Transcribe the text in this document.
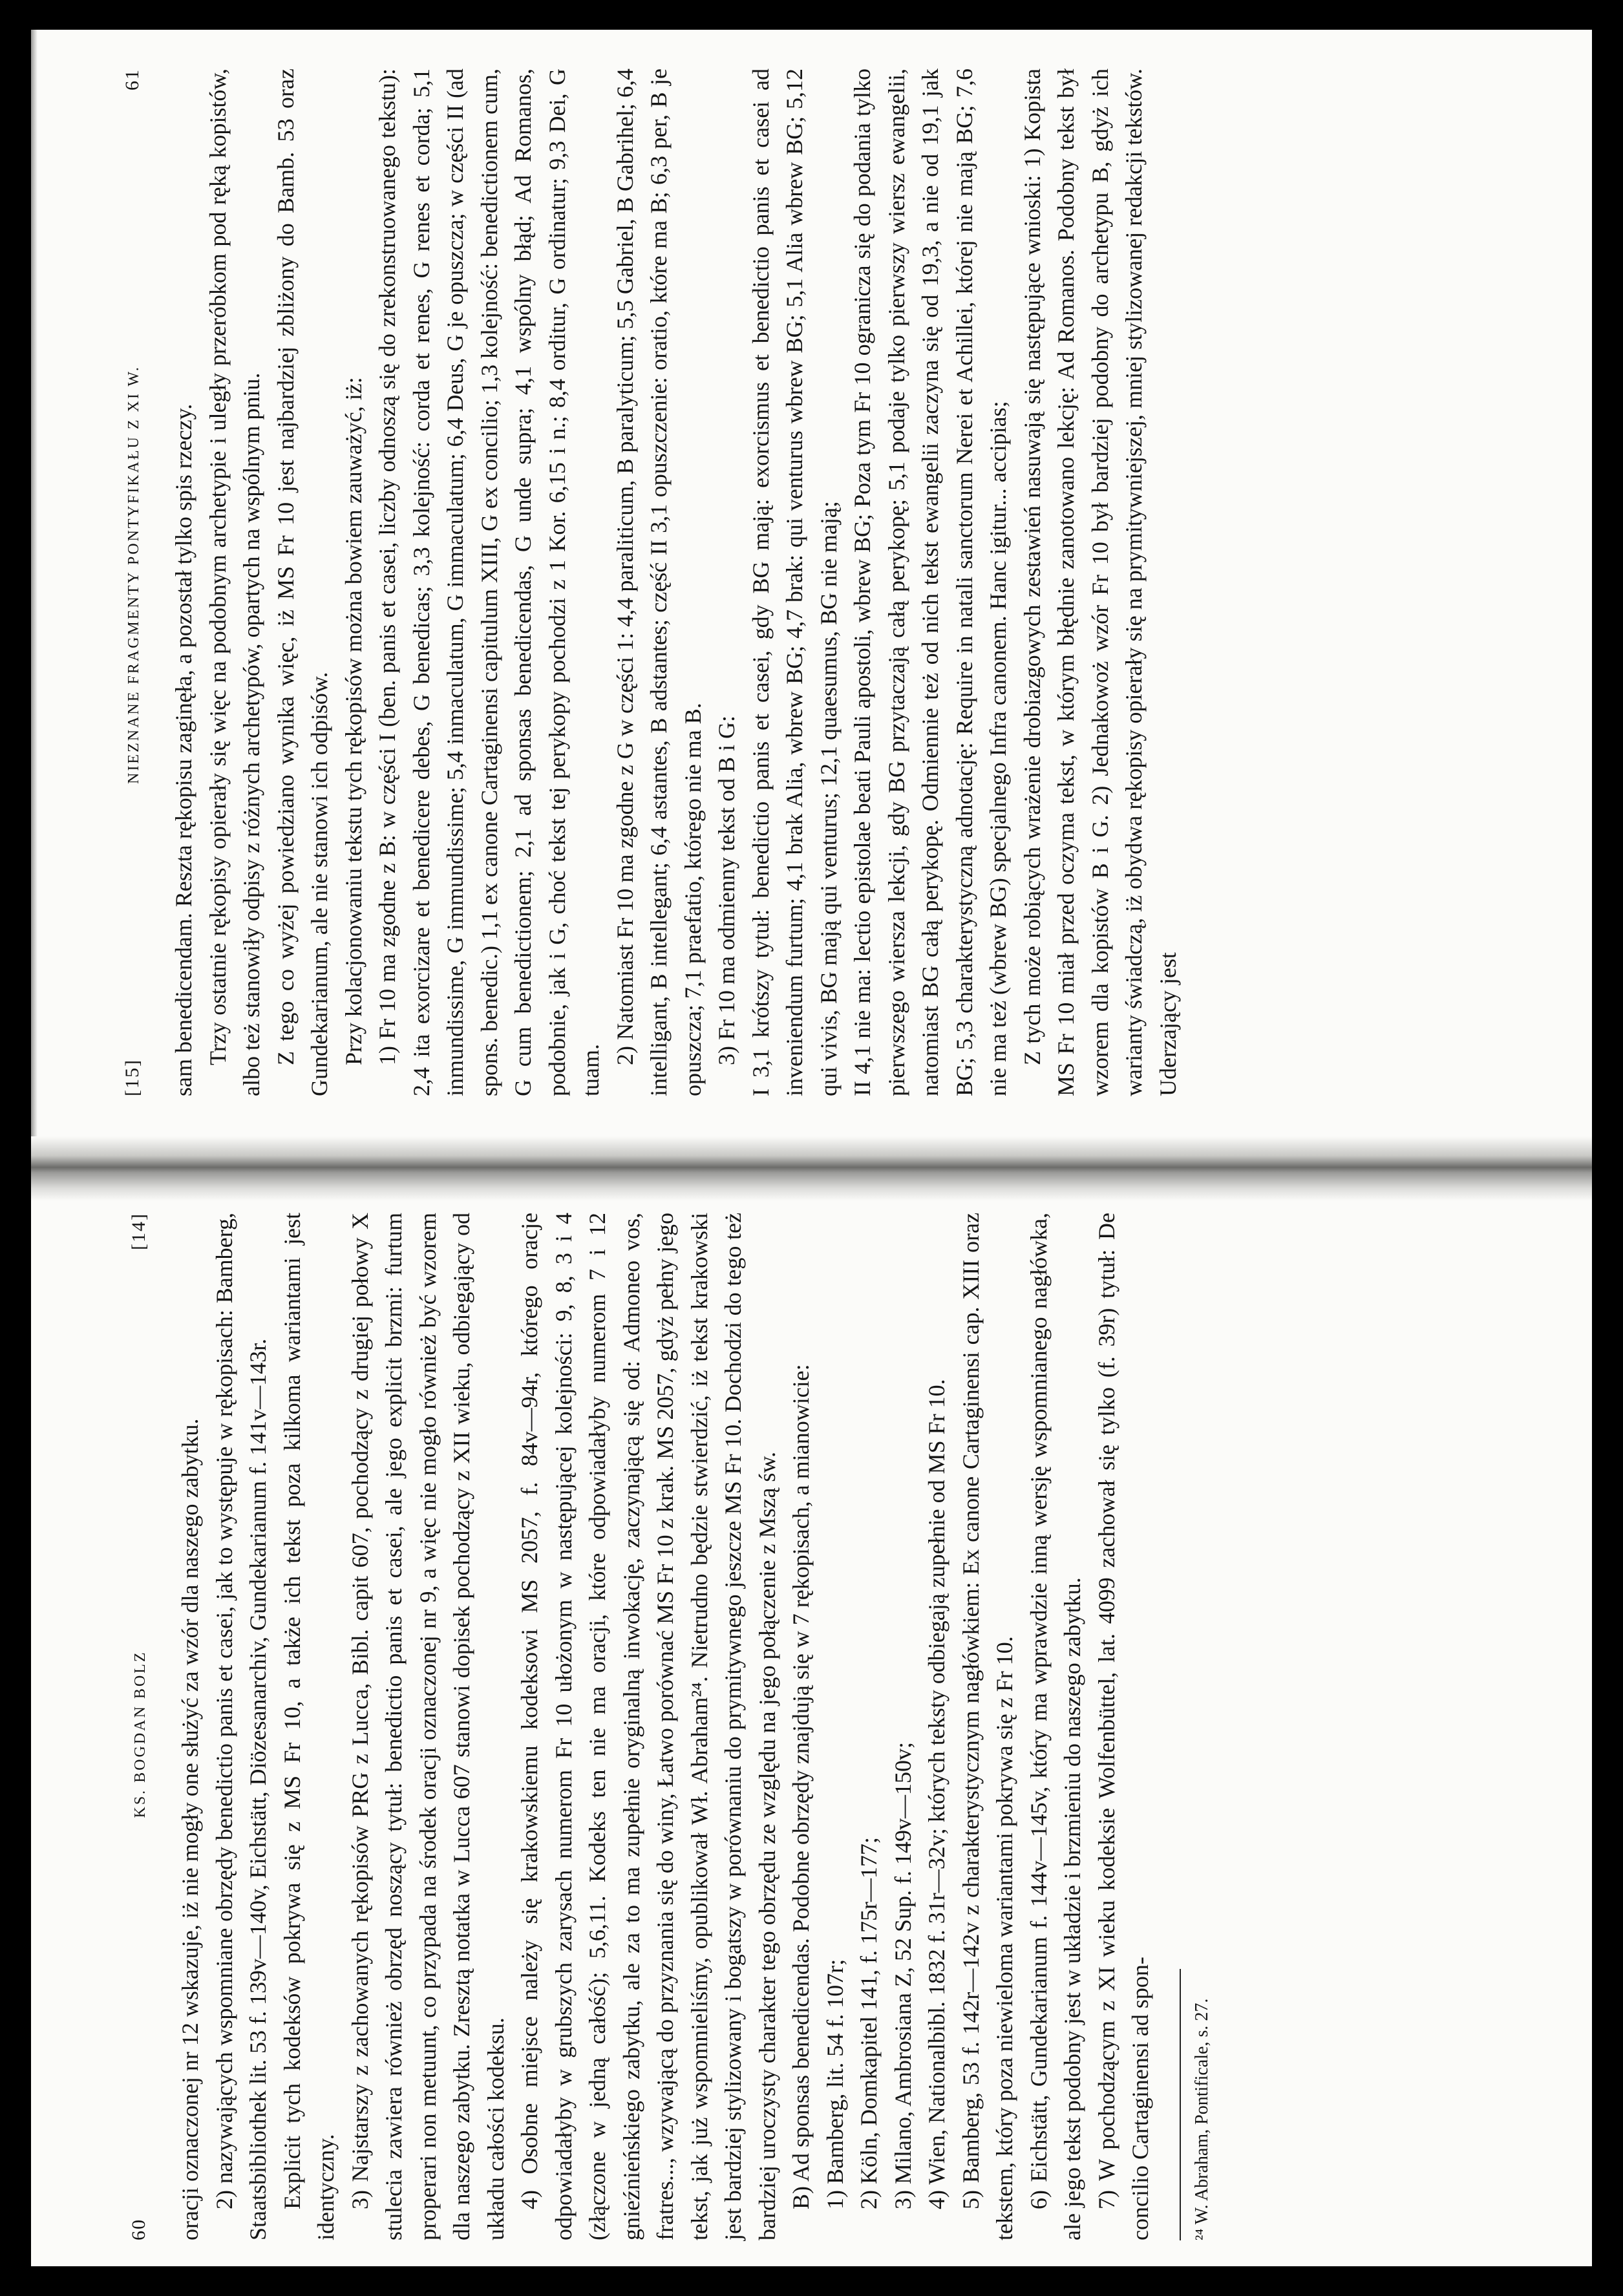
60
KS. BOGDAN BOLZ
[14]

oracji oznaczonej nr 12 wskazuje, iż nie mogły one służyć za wzór dla naszego zabytku. 2) nazywających wspomniane obrzędy benedictio panis et casei, jak to występuje w rękopisach: Bamberg, Staatsbibliothek lit. 53 f. 139v—140v, Eichstätt, Diözesanarchiv, Gundekarianum f. 141v—143r. Explicit tych kodeksów pokrywa się z MS Fr 10, a także ich tekst poza kilkoma wariantami jest identyczny. 3) Najstarszy z zachowanych rękopisów PRG z Lucca, Bibl. capit 607, pochodzący z drugiej połowy X stulecia zawiera również obrzęd noszący tytuł: benedictio panis et casei, ale jego explicit brzmi: furtum properari non metuunt, co przypada na środek oracji oznaczonej nr 9, a więc nie mogło również być wzorem dla naszego zabytku. Zresztą notatka w Lucca 607 stanowi dopisek pochodzący z XII wieku, odbiegający od układu całości kodeksu. 4) Osobne miejsce należy się krakowskiemu kodeksowi MS 2057, f. 84v—94r, którego oracje odpowiadałyby w grubszych zarysach numerom Fr 10 ułożonym w następującej kolejności: 9, 8, 3 i 4 (złączone w jedną całość); 5,6,11. Kodeks ten nie ma oracji, które odpowiadałyby numerom 7 i 12 gnieźnieńskiego zabytku, ale za to ma zupełnie oryginalną inwokację, zaczynającą się od: Admoneo vos, fratres..., wzywającą do przyznania się do winy, Łatwo porównać MS Fr 10 z krak. MS 2057, gdyż pełny jego tekst, jak już wspomnieliśmy, opublikował Wł. Abraham²⁴. Nietrudno będzie stwierdzić, iż tekst krakowski jest bardziej stylizowany i bogatszy w porównaniu do prymitywnego jeszcze MS Fr 10. Dochodzi do tego też bardziej uroczysty charakter tego obrzędu ze względu na jego połączenie z Mszą św. B) Ad sponsas benedicendas. Podobne obrzędy znajdują się w 7 rękopisach, a mianowicie: 1) Bamberg, lit. 54 f. 107r; 2) Köln, Domkapitel 141, f. 175r—177; 3) Milano, Ambrosiana Z, 52 Sup. f. 149v—150v; 4) Wien, Nationalbibl. 1832 f. 31r—32v; których teksty odbiegają zupełnie od MS Fr 10. 5) Bamberg, 53 f. 142r—142v z charakterystycznym nagłówkiem: Ex canone Cartaginensi cap. XIII oraz tekstem, który poza niewieloma wariantami pokrywa się z Fr 10. 6) Eichstätt, Gundekarianum f. 144v—145v, który ma wprawdzie inną wersję wspomnianego nagłówka, ale jego tekst podobny jest w układzie i brzmieniu do naszego zabytku. 7) W pochodzącym z XI wieku kodeksie Wolfenbüttel, lat. 4099 zachował się tylko (f. 39r) tytuł: De concilio Cartaginensi ad spon- ²⁴ W. Abraham, Pontificale, s. 27.
[15]
NIEZNANE FRAGMENTY PONTYFIKAŁU Z XI W.
61

sam benedicendam. Reszta rękopisu zaginęła, a pozostał tylko spis rzeczy. Trzy ostatnie rękopisy opierały się więc na podobnym archetypie i uległy przeróbkom pod ręką kopistów, albo też stanowiły odpisy z różnych archetypów, opartych na wspólnym pniu. Z tego co wyżej powiedziano wynika więc, iż MS Fr 10 jest najbardziej zbliżony do Bamb. 53 oraz Gundekarianum, ale nie stanowi ich odpisów. Przy kolacjonowaniu tekstu tych rękopisów można bowiem zauważyć, iż: 1) Fr 10 ma zgodne z B: w części I (ben. panis et casei, liczby odnoszą się do zrekonstruowanego tekstu): 2,4 ita exorcizare et benedicere debes, G benedicas; 3,3 kolejność: corda et renes, G renes et corda; 5,1 inmundissime, G immundissime; 5,4 inmaculatum, G immaculatum; 6,4 Deus, G je opuszcza; w części II (ad spons. benedic.) 1,1 ex canone Cartaginensi capitulum XIII, G ex concilio; 1,3 kolejność: benedictionem cum, G cum benedictionem; 2,1 ad sponsas benedicendas, G unde supra; 4,1 wspólny błąd; Ad Romanos, podobnie, jak i G, choć tekst tej perykopy pochodzi z 1 Kor. 6,15 i n.; 8,4 orditur, G ordinatur; 9,3 Dei, G tuam.

2) Natomiast Fr 10 ma zgodne z G w części 1: 4,4 paraliticum, B paralyticum; 5,5 Gabriel, B Gabrihel; 6,4 intelligant, B intellegant; 6,4 astantes, B adstantes; część II 3,1 opuszczenie: oratio, które ma B; 6,3 per, B je opuszcza; 7,1 praefatio, którego nie ma B. 3) Fr 10 ma odmienny tekst od B i G: I 3,1 krótszy tytuł: benedictio panis et casei, gdy BG mają: exorcismus et benedictio panis et casei ad inveniendum furtum; 4,1 brak Alia, wbrew BG; 4,7 brak: qui venturus wbrew BG; 5,1 Alia wbrew BG; 5,12 qui vivis, BG mają qui venturus; 12,1 quaesumus, BG nie mają; II 4,1 nie ma: lectio epistolae beati Pauli apostoli, wbrew BG; Poza tym Fr 10 ogranicza się do podania tylko pierwszego wiersza lekcji, gdy BG przytaczają całą perykopę; 5,1 podaje tylko pierwszy wiersz ewangelii, natomiast BG całą perykopę. Odmiennie też od nich tekst ewangelii zaczyna się od 19,3, a nie od 19,1 jak BG; 5,3 charakterystyczną adnotację: Require in natali sanctorum Nerei et Achillei, której nie mają BG; 7,6 nie ma też (wbrew BG) specjalnego Infra canonem. Hanc igitur... accipias; Z tych może robiących wrażenie drobiazgowych zestawień nasuwają się następujące wnioski: 1) Kopista MS Fr 10 miał przed oczyma tekst, w którym błędnie zanotowano lekcję: Ad Romanos. Podobny tekst był wzorem dla kopistów B i G. 2) Jednakowoż wzór Fr 10 był bardziej podobny do archetypu B, gdyż ich warianty świadczą, iż obydwa rękopisy opierały się na prymitywniejszej, mniej stylizowanej redakcji tekstów. Uderzający jest
